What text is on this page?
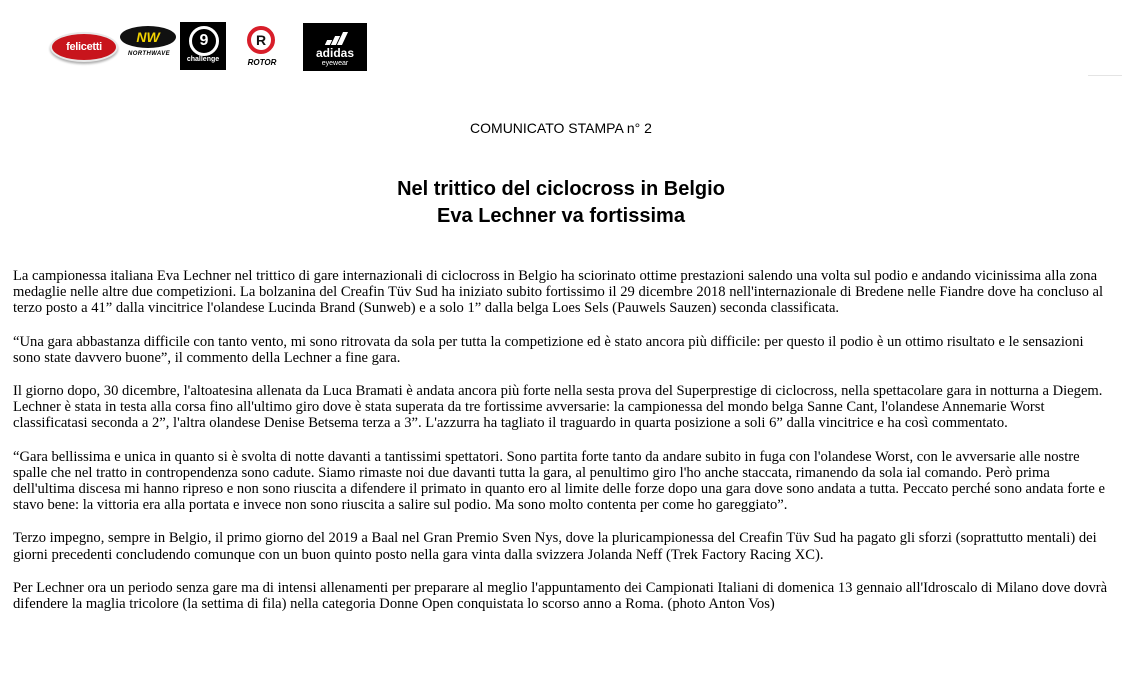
felicetti
NW
NORTHWAVE
9
challenge
R
ROTOR
adidas
eyewear
COMUNICATO STAMPA n° 2
Nel trittico del ciclocross in Belgio
Eva Lechner va fortissima

La campionessa italiana Eva Lechner nel trittico di gare internazionali di ciclocross in Belgio ha sciorinato ottime prestazioni salendo una volta sul podio e andando vicinissima alla zona medaglie nelle altre due competizioni. La bolzanina del Creafin Tüv Sud ha iniziato subito fortissimo il 29 dicembre 2018 nell'internazionale di Bredene nelle Fiandre dove ha concluso al terzo posto a 41” dalla vincitrice l'olandese Lucinda Brand (Sunweb) e a solo 1” dalla belga Loes Sels (Pauwels Sauzen) seconda classificata.

“Una gara abbastanza difficile con tanto vento, mi sono ritrovata da sola per tutta la competizione ed è stato ancora più difficile: per questo il podio è un ottimo risultato e le sensazioni sono state davvero buone”, il commento della Lechner a fine gara.

Il giorno dopo, 30 dicembre, l'altoatesina allenata da Luca Bramati è andata ancora più forte nella sesta prova del Superprestige di ciclocross, nella spettacolare gara in notturna a Diegem. Lechner è stata in testa alla corsa fino all'ultimo giro dove è stata superata da tre fortissime avversarie: la campionessa del mondo belga Sanne Cant, l'olandese Annemarie Worst classificatasi seconda a 2”, l'altra olandese Denise Betsema terza a 3”. L'azzurra ha tagliato il traguardo in quarta posizione a soli 6” dalla vincitrice e ha così commentato.

“Gara bellissima e unica in quanto si è svolta di notte davanti a tantissimi spettatori. Sono partita forte tanto da andare subito in fuga con l'olandese Worst, con le avversarie alle nostre spalle che nel tratto in contropendenza sono cadute. Siamo rimaste noi due davanti tutta la gara, al penultimo giro l'ho anche staccata, rimanendo da sola ial comando. Però prima dell'ultima discesa mi hanno ripreso e non sono riuscita a difendere il primato in quanto ero al limite delle forze dopo una gara dove sono andata a tutta. Peccato perché sono andata forte e stavo bene: la vittoria era alla portata e invece non sono riuscita a salire sul podio. Ma sono molto contenta per come ho gareggiato”.

Terzo impegno, sempre in Belgio, il primo giorno del 2019 a Baal nel Gran Premio Sven Nys, dove la pluricampionessa del Creafin Tüv Sud ha pagato gli sforzi (soprattutto mentali) dei giorni precedenti concludendo comunque con un buon quinto posto nella gara vinta dalla svizzera Jolanda Neff (Trek Factory Racing XC).

Per Lechner ora un periodo senza gare ma di intensi allenamenti per preparare al meglio l'appuntamento dei Campionati Italiani di domenica 13 gennaio all'Idroscalo di Milano dove dovrà difendere la maglia tricolore (la settima di fila) nella categoria Donne Open conquistata lo scorso anno a Roma. (photo Anton Vos)
